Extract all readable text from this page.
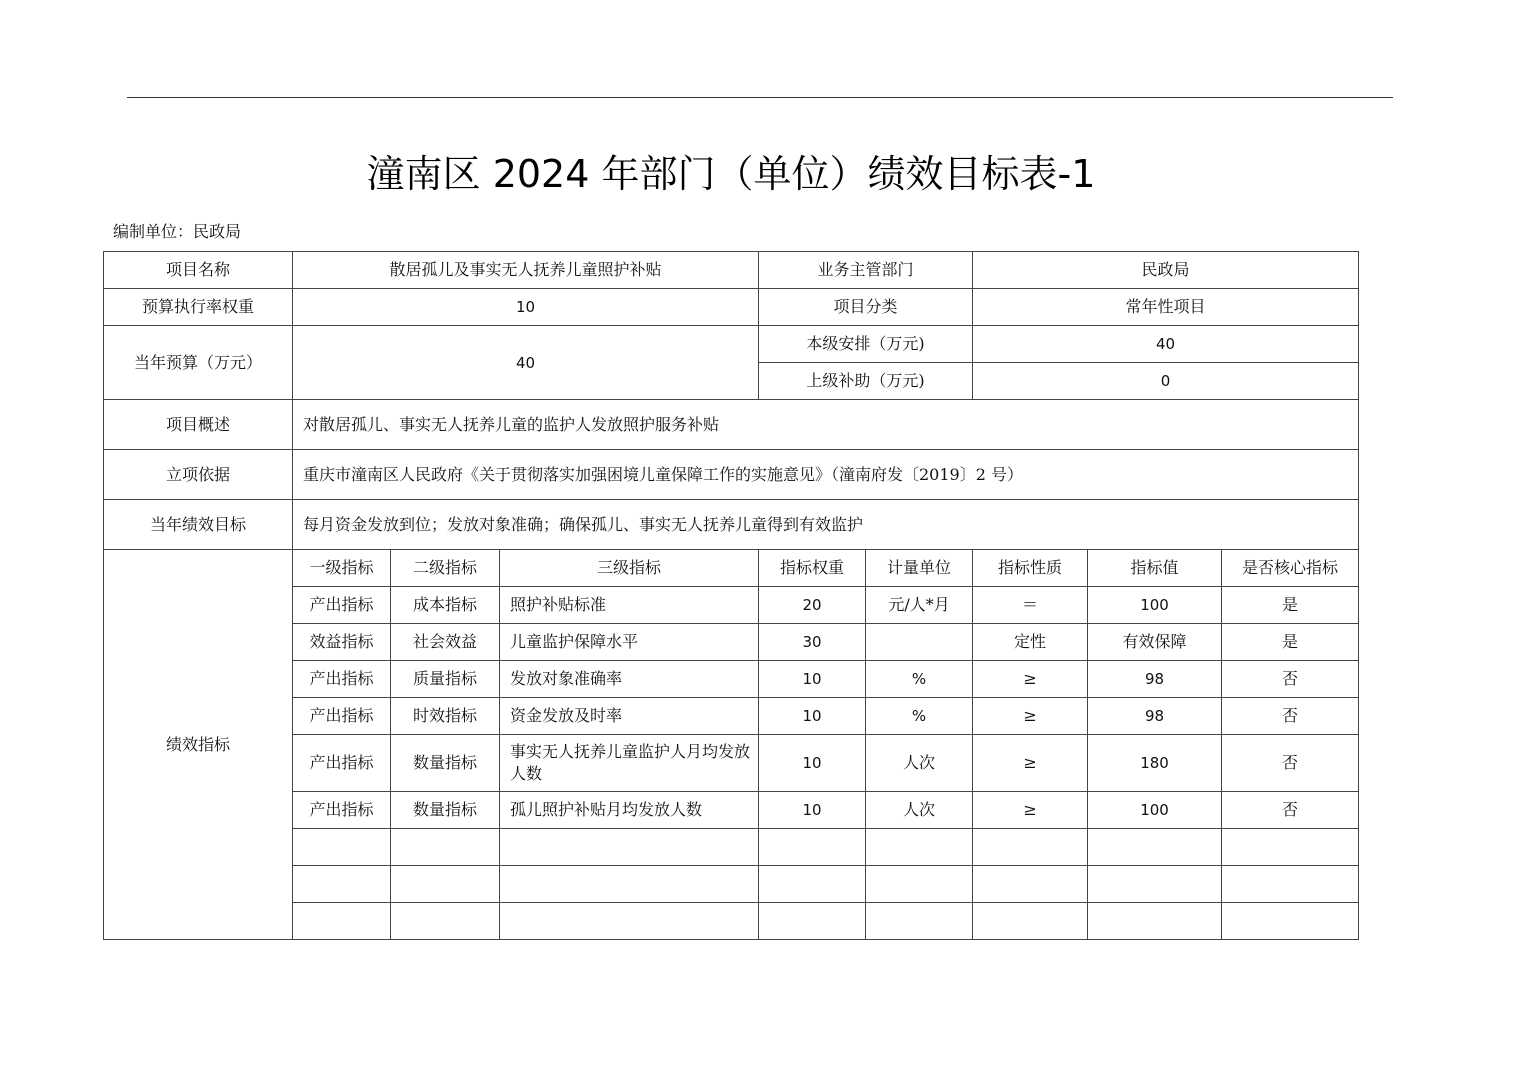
潼南区 2024 年部门（单位）绩效目标表-1
编制单位：民政局
项目名称	散居孤儿及事实无人抚养儿童照护补贴			业务主管部门		民政局		
预算执行率权重	10			项目分类		常年性项目		
当年预算（万元）	40			本级安排（万元)		40		
				上级补助（万元)		0		
项目概述	对散居孤儿、事实无人抚养儿童的监护人发放照护服务补贴							
立项依据	重庆市潼南区人民政府《关于贯彻落实加强困境儿童保障工作的实施意见》（潼南府发〔2019〕2 号）							
当年绩效目标	每月资金发放到位；发放对象准确；确保孤儿、事实无人抚养儿童得到有效监护							
绩效指标	一级指标	二级指标	三级指标	指标权重	计量单位	指标性质	指标值	是否核心指标
	产出指标	成本指标	照护补贴标准	20	元/人*月	＝	100	是
	效益指标	社会效益	儿童监护保障水平	30		定性	有效保障	是
	产出指标	质量指标	发放对象准确率	10	%	≥	98	否
	产出指标	时效指标	资金发放及时率	10	%	≥	98	否
	产出指标	数量指标	事实无人抚养儿童监护人月均发放人数	10	人次	≥	180	否
	产出指标	数量指标	孤儿照护补贴月均发放人数	10	人次	≥	100	否
